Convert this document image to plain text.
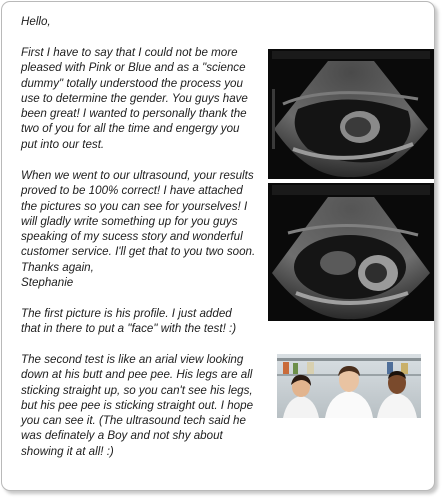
Hello,

First I have to say that I could not be more
pleased with Pink or Blue and as a "science
dummy" totally understood the process you
use to determine the gender. You guys have
been great! I wanted to personally thank the
two of you for all the time and engergy you
put into our test.

When we went to our ultrasound, your results
proved to be 100% correct! I have attached
the pictures so you can see for yourselves! I
will gladly write something up for you guys
speaking of my sucess story and wonderful
customer service. I'll get that to you two soon.

Thanks again,
Stephanie

The first picture is his profile. I just added
that in there to put a "face" with the test! :)

The second test is like an arial view looking
down at his butt and pee pee. His legs are all
sticking straight up, so you can't see his legs,
but his pee pee is sticking straight out. I hope
you can see it. (The ultrasound tech said he
was definately a Boy and not shy about
showing it at all! :)
